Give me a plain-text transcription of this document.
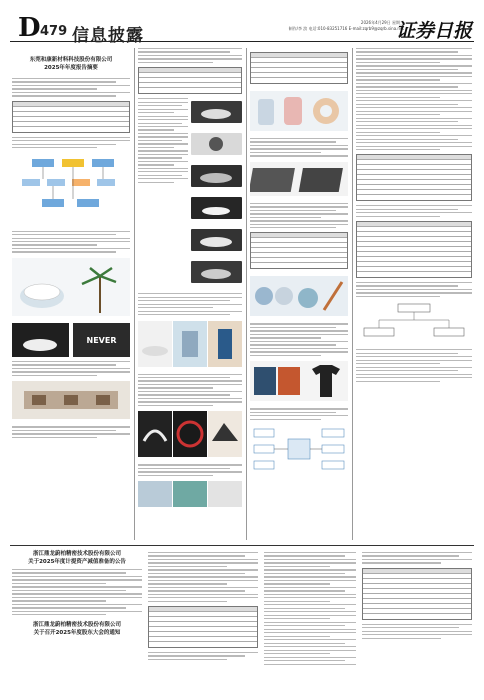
D 479 信息披露
2026年4月29日 星期三
制作/李 滨 电话:010-83251716 E-mail:zqrb9@zqrb.sina.net
证券日报
东莞和康新材料科技股份有限公司
2025年年度报告摘要
NEVER

浙江鼎龙蔚柏精密技术股份有限公司
关于2025年度计提资产减值准备的公告
浙江鼎龙蔚柏精密技术股份有限公司
关于召开2025年度股东大会的通知
